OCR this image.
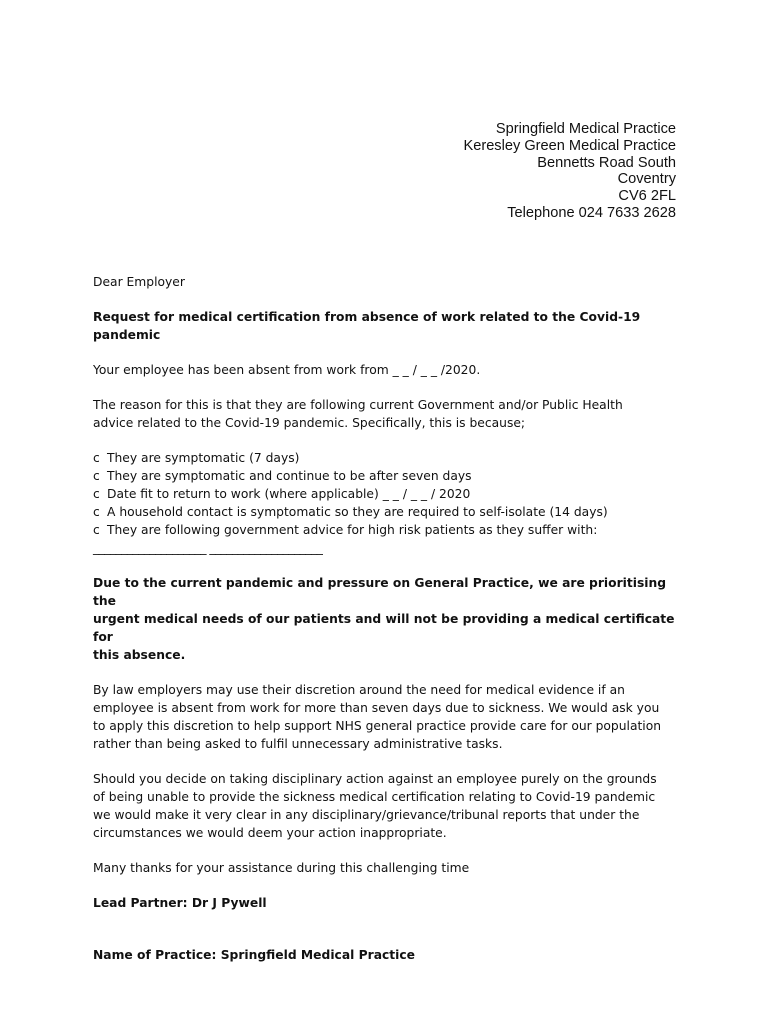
Springfield Medical Practice
Keresley Green Medical Practice
Bennetts Road South
Coventry
CV6 2FL
Telephone 024 7633 2628

Dear Employer

Request for medical certification from absence of work related to the Covid-19 pandemic

Your employee has been absent from work from _ _ / _ _ /2020.

The reason for this is that they are following current Government and/or Public Health

advice related to the Covid-19 pandemic. Specifically, this is because;

c They are symptomatic (7 days)
c They are symptomatic and continue to be after seven days
c Date fit to return to work (where applicable) _ _ / _ _ / 2020
c A household contact is symptomatic so they are required to self-isolate (14 days)
c They are following government advice for high risk patients as they suffer with:
____________________ ____________________

Due to the current pandemic and pressure on General Practice, we are prioritising the

urgent medical needs of our patients and will not be providing a medical certificate for

this absence.

By law employers may use their discretion around the need for medical evidence if an

employee is absent from work for more than seven days due to sickness. We would ask you

to apply this discretion to help support NHS general practice provide care for our population

rather than being asked to fulfil unnecessary administrative tasks.

Should you decide on taking disciplinary action against an employee purely on the grounds

of being unable to provide the sickness medical certification relating to Covid-19 pandemic

we would make it very clear in any disciplinary/grievance/tribunal reports that under the

circumstances we would deem your action inappropriate.

Many thanks for your assistance during this challenging time

Lead Partner: Dr J Pywell

Name of Practice: Springfield Medical Practice
